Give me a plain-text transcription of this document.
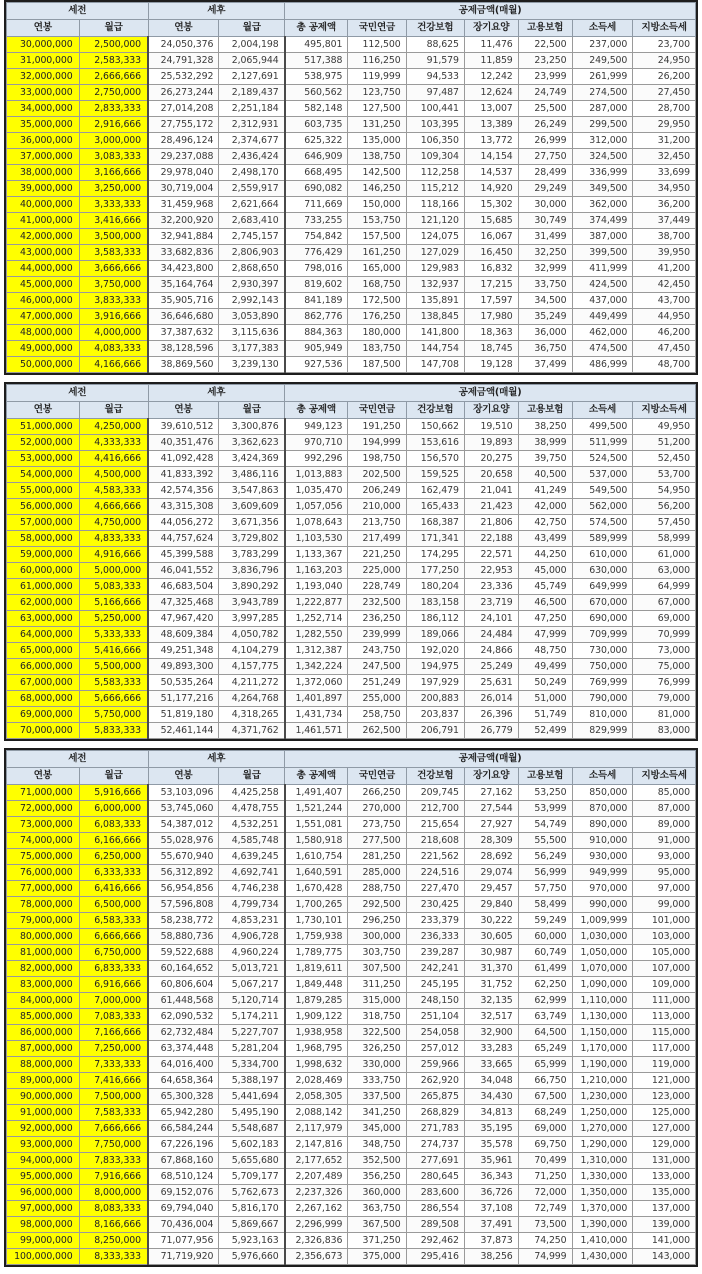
세전		세후		공제금액(매월)						
연봉	월급	연봉	월급	총 공제액	국민연금	건강보험	장기요양	고용보험	소득세	지방소득세
30,000,000	2,500,000	24,050,376	2,004,198	495,801	112,500	88,625	11,476	22,500	237,000	23,700
31,000,000	2,583,333	24,791,328	2,065,944	517,388	116,250	91,579	11,859	23,250	249,500	24,950
32,000,000	2,666,666	25,532,292	2,127,691	538,975	119,999	94,533	12,242	23,999	261,999	26,200
33,000,000	2,750,000	26,273,244	2,189,437	560,562	123,750	97,487	12,624	24,749	274,500	27,450
34,000,000	2,833,333	27,014,208	2,251,184	582,148	127,500	100,441	13,007	25,500	287,000	28,700
35,000,000	2,916,666	27,755,172	2,312,931	603,735	131,250	103,395	13,389	26,249	299,500	29,950
36,000,000	3,000,000	28,496,124	2,374,677	625,322	135,000	106,350	13,772	26,999	312,000	31,200
37,000,000	3,083,333	29,237,088	2,436,424	646,909	138,750	109,304	14,154	27,750	324,500	32,450
38,000,000	3,166,666	29,978,040	2,498,170	668,495	142,500	112,258	14,537	28,499	336,999	33,699
39,000,000	3,250,000	30,719,004	2,559,917	690,082	146,250	115,212	14,920	29,249	349,500	34,950
40,000,000	3,333,333	31,459,968	2,621,664	711,669	150,000	118,166	15,302	30,000	362,000	36,200
41,000,000	3,416,666	32,200,920	2,683,410	733,255	153,750	121,120	15,685	30,749	374,499	37,449
42,000,000	3,500,000	32,941,884	2,745,157	754,842	157,500	124,075	16,067	31,499	387,000	38,700
43,000,000	3,583,333	33,682,836	2,806,903	776,429	161,250	127,029	16,450	32,250	399,500	39,950
44,000,000	3,666,666	34,423,800	2,868,650	798,016	165,000	129,983	16,832	32,999	411,999	41,200
45,000,000	3,750,000	35,164,764	2,930,397	819,602	168,750	132,937	17,215	33,750	424,500	42,450
46,000,000	3,833,333	35,905,716	2,992,143	841,189	172,500	135,891	17,597	34,500	437,000	43,700
47,000,000	3,916,666	36,646,680	3,053,890	862,776	176,250	138,845	17,980	35,249	449,499	44,950
48,000,000	4,000,000	37,387,632	3,115,636	884,363	180,000	141,800	18,363	36,000	462,000	46,200
49,000,000	4,083,333	38,128,596	3,177,383	905,949	183,750	144,754	18,745	36,750	474,500	47,450
50,000,000	4,166,666	38,869,560	3,239,130	927,536	187,500	147,708	19,128	37,499	486,999	48,700
세전		세후		공제금액(매월)						
연봉	월급	연봉	월급	총 공제액	국민연금	건강보험	장기요양	고용보험	소득세	지방소득세
51,000,000	4,250,000	39,610,512	3,300,876	949,123	191,250	150,662	19,510	38,250	499,500	49,950
52,000,000	4,333,333	40,351,476	3,362,623	970,710	194,999	153,616	19,893	38,999	511,999	51,200
53,000,000	4,416,666	41,092,428	3,424,369	992,296	198,750	156,570	20,275	39,750	524,500	52,450
54,000,000	4,500,000	41,833,392	3,486,116	1,013,883	202,500	159,525	20,658	40,500	537,000	53,700
55,000,000	4,583,333	42,574,356	3,547,863	1,035,470	206,249	162,479	21,041	41,249	549,500	54,950
56,000,000	4,666,666	43,315,308	3,609,609	1,057,056	210,000	165,433	21,423	42,000	562,000	56,200
57,000,000	4,750,000	44,056,272	3,671,356	1,078,643	213,750	168,387	21,806	42,750	574,500	57,450
58,000,000	4,833,333	44,757,624	3,729,802	1,103,530	217,499	171,341	22,188	43,499	589,999	58,999
59,000,000	4,916,666	45,399,588	3,783,299	1,133,367	221,250	174,295	22,571	44,250	610,000	61,000
60,000,000	5,000,000	46,041,552	3,836,796	1,163,203	225,000	177,250	22,953	45,000	630,000	63,000
61,000,000	5,083,333	46,683,504	3,890,292	1,193,040	228,749	180,204	23,336	45,749	649,999	64,999
62,000,000	5,166,666	47,325,468	3,943,789	1,222,877	232,500	183,158	23,719	46,500	670,000	67,000
63,000,000	5,250,000	47,967,420	3,997,285	1,252,714	236,250	186,112	24,101	47,250	690,000	69,000
64,000,000	5,333,333	48,609,384	4,050,782	1,282,550	239,999	189,066	24,484	47,999	709,999	70,999
65,000,000	5,416,666	49,251,348	4,104,279	1,312,387	243,750	192,020	24,866	48,750	730,000	73,000
66,000,000	5,500,000	49,893,300	4,157,775	1,342,224	247,500	194,975	25,249	49,499	750,000	75,000
67,000,000	5,583,333	50,535,264	4,211,272	1,372,060	251,249	197,929	25,631	50,249	769,999	76,999
68,000,000	5,666,666	51,177,216	4,264,768	1,401,897	255,000	200,883	26,014	51,000	790,000	79,000
69,000,000	5,750,000	51,819,180	4,318,265	1,431,734	258,750	203,837	26,396	51,749	810,000	81,000
70,000,000	5,833,333	52,461,144	4,371,762	1,461,571	262,500	206,791	26,779	52,499	829,999	83,000
세전		세후		공제금액(매월)						
연봉	월급	연봉	월급	총 공제액	국민연금	건강보험	장기요양	고용보험	소득세	지방소득세
71,000,000	5,916,666	53,103,096	4,425,258	1,491,407	266,250	209,745	27,162	53,250	850,000	85,000
72,000,000	6,000,000	53,745,060	4,478,755	1,521,244	270,000	212,700	27,544	53,999	870,000	87,000
73,000,000	6,083,333	54,387,012	4,532,251	1,551,081	273,750	215,654	27,927	54,749	890,000	89,000
74,000,000	6,166,666	55,028,976	4,585,748	1,580,918	277,500	218,608	28,309	55,500	910,000	91,000
75,000,000	6,250,000	55,670,940	4,639,245	1,610,754	281,250	221,562	28,692	56,249	930,000	93,000
76,000,000	6,333,333	56,312,892	4,692,741	1,640,591	285,000	224,516	29,074	56,999	949,999	95,000
77,000,000	6,416,666	56,954,856	4,746,238	1,670,428	288,750	227,470	29,457	57,750	970,000	97,000
78,000,000	6,500,000	57,596,808	4,799,734	1,700,265	292,500	230,425	29,840	58,499	990,000	99,000
79,000,000	6,583,333	58,238,772	4,853,231	1,730,101	296,250	233,379	30,222	59,249	1,009,999	101,000
80,000,000	6,666,666	58,880,736	4,906,728	1,759,938	300,000	236,333	30,605	60,000	1,030,000	103,000
81,000,000	6,750,000	59,522,688	4,960,224	1,789,775	303,750	239,287	30,987	60,749	1,050,000	105,000
82,000,000	6,833,333	60,164,652	5,013,721	1,819,611	307,500	242,241	31,370	61,499	1,070,000	107,000
83,000,000	6,916,666	60,806,604	5,067,217	1,849,448	311,250	245,195	31,752	62,250	1,090,000	109,000
84,000,000	7,000,000	61,448,568	5,120,714	1,879,285	315,000	248,150	32,135	62,999	1,110,000	111,000
85,000,000	7,083,333	62,090,532	5,174,211	1,909,122	318,750	251,104	32,517	63,749	1,130,000	113,000
86,000,000	7,166,666	62,732,484	5,227,707	1,938,958	322,500	254,058	32,900	64,500	1,150,000	115,000
87,000,000	7,250,000	63,374,448	5,281,204	1,968,795	326,250	257,012	33,283	65,249	1,170,000	117,000
88,000,000	7,333,333	64,016,400	5,334,700	1,998,632	330,000	259,966	33,665	65,999	1,190,000	119,000
89,000,000	7,416,666	64,658,364	5,388,197	2,028,469	333,750	262,920	34,048	66,750	1,210,000	121,000
90,000,000	7,500,000	65,300,328	5,441,694	2,058,305	337,500	265,875	34,430	67,500	1,230,000	123,000
91,000,000	7,583,333	65,942,280	5,495,190	2,088,142	341,250	268,829	34,813	68,249	1,250,000	125,000
92,000,000	7,666,666	66,584,244	5,548,687	2,117,979	345,000	271,783	35,195	69,000	1,270,000	127,000
93,000,000	7,750,000	67,226,196	5,602,183	2,147,816	348,750	274,737	35,578	69,750	1,290,000	129,000
94,000,000	7,833,333	67,868,160	5,655,680	2,177,652	352,500	277,691	35,961	70,499	1,310,000	131,000
95,000,000	7,916,666	68,510,124	5,709,177	2,207,489	356,250	280,645	36,343	71,250	1,330,000	133,000
96,000,000	8,000,000	69,152,076	5,762,673	2,237,326	360,000	283,600	36,726	72,000	1,350,000	135,000
97,000,000	8,083,333	69,794,040	5,816,170	2,267,162	363,750	286,554	37,108	72,749	1,370,000	137,000
98,000,000	8,166,666	70,436,004	5,869,667	2,296,999	367,500	289,508	37,491	73,500	1,390,000	139,000
99,000,000	8,250,000	71,077,956	5,923,163	2,326,836	371,250	292,462	37,873	74,250	1,410,000	141,000
100,000,000	8,333,333	71,719,920	5,976,660	2,356,673	375,000	295,416	38,256	74,999	1,430,000	143,000
